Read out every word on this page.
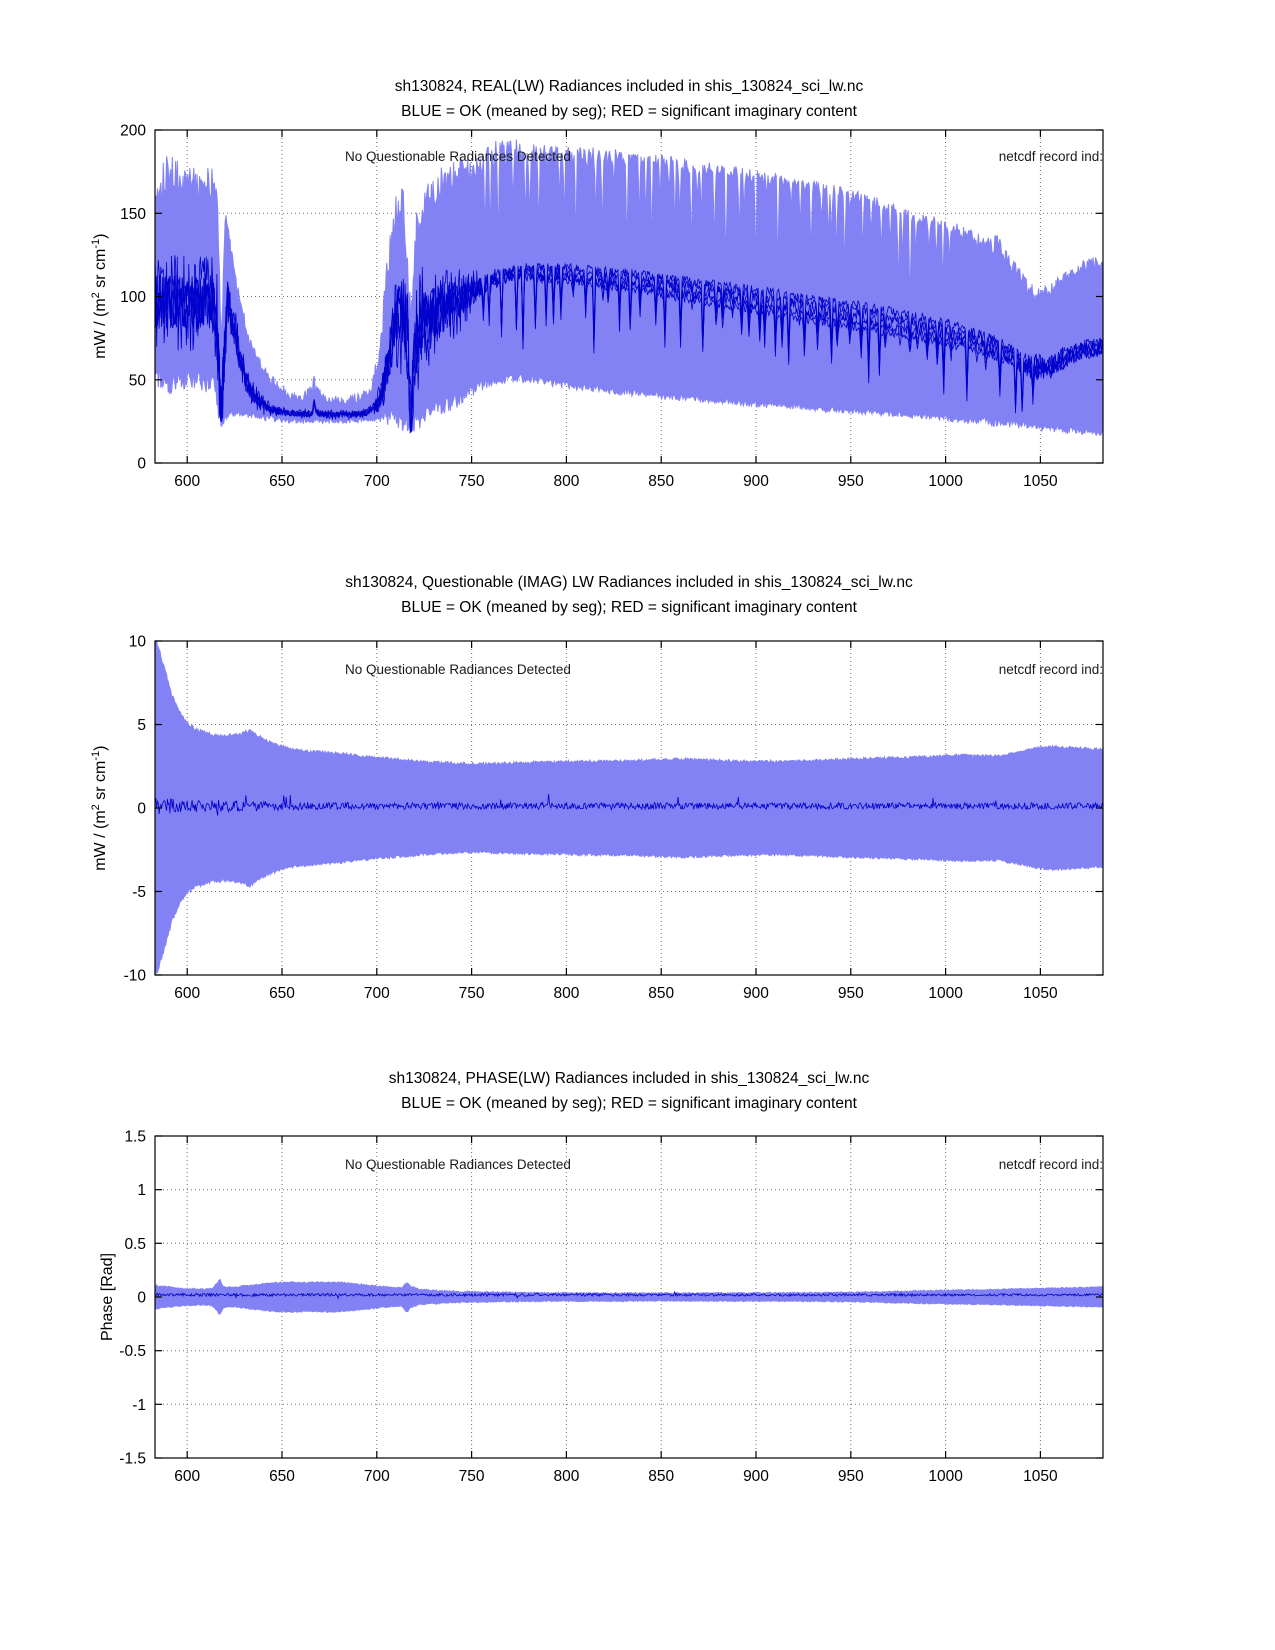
600	650	700	750	800	850	900	950	1000	1050
0
50
100
150
200
600	650	700	750	800	850	900	950	1000	1050
-10
-5
0
5
10
600	650	700	750	800	850	900	950	1000	1050
-1.5
-1
-0.5
0
0.5
1
1.5
sh130824, REAL(LW) Radiances included in shis_130824_sci_lw.nc
BLUE = OK (meaned by seg); RED = significant imaginary content
No Questionable Radiances Detected	netcdf record ind:
mW / ($m^2$ sr $cm^{-1}$)
sh130824, Questionable (IMAG) LW Radiances included in shis_130824_sci_lw.nc
BLUE = OK (meaned by seg); RED = significant imaginary content
No Questionable Radiances Detected	netcdf record ind:
mW / ($m^2$ sr $cm^{-1}$)
sh130824, PHASE(LW) Radiances included in shis_130824_sci_lw.nc
BLUE = OK (meaned by seg); RED = significant imaginary content
No Questionable Radiances Detected	netcdf record ind:
Phase [Rad]
